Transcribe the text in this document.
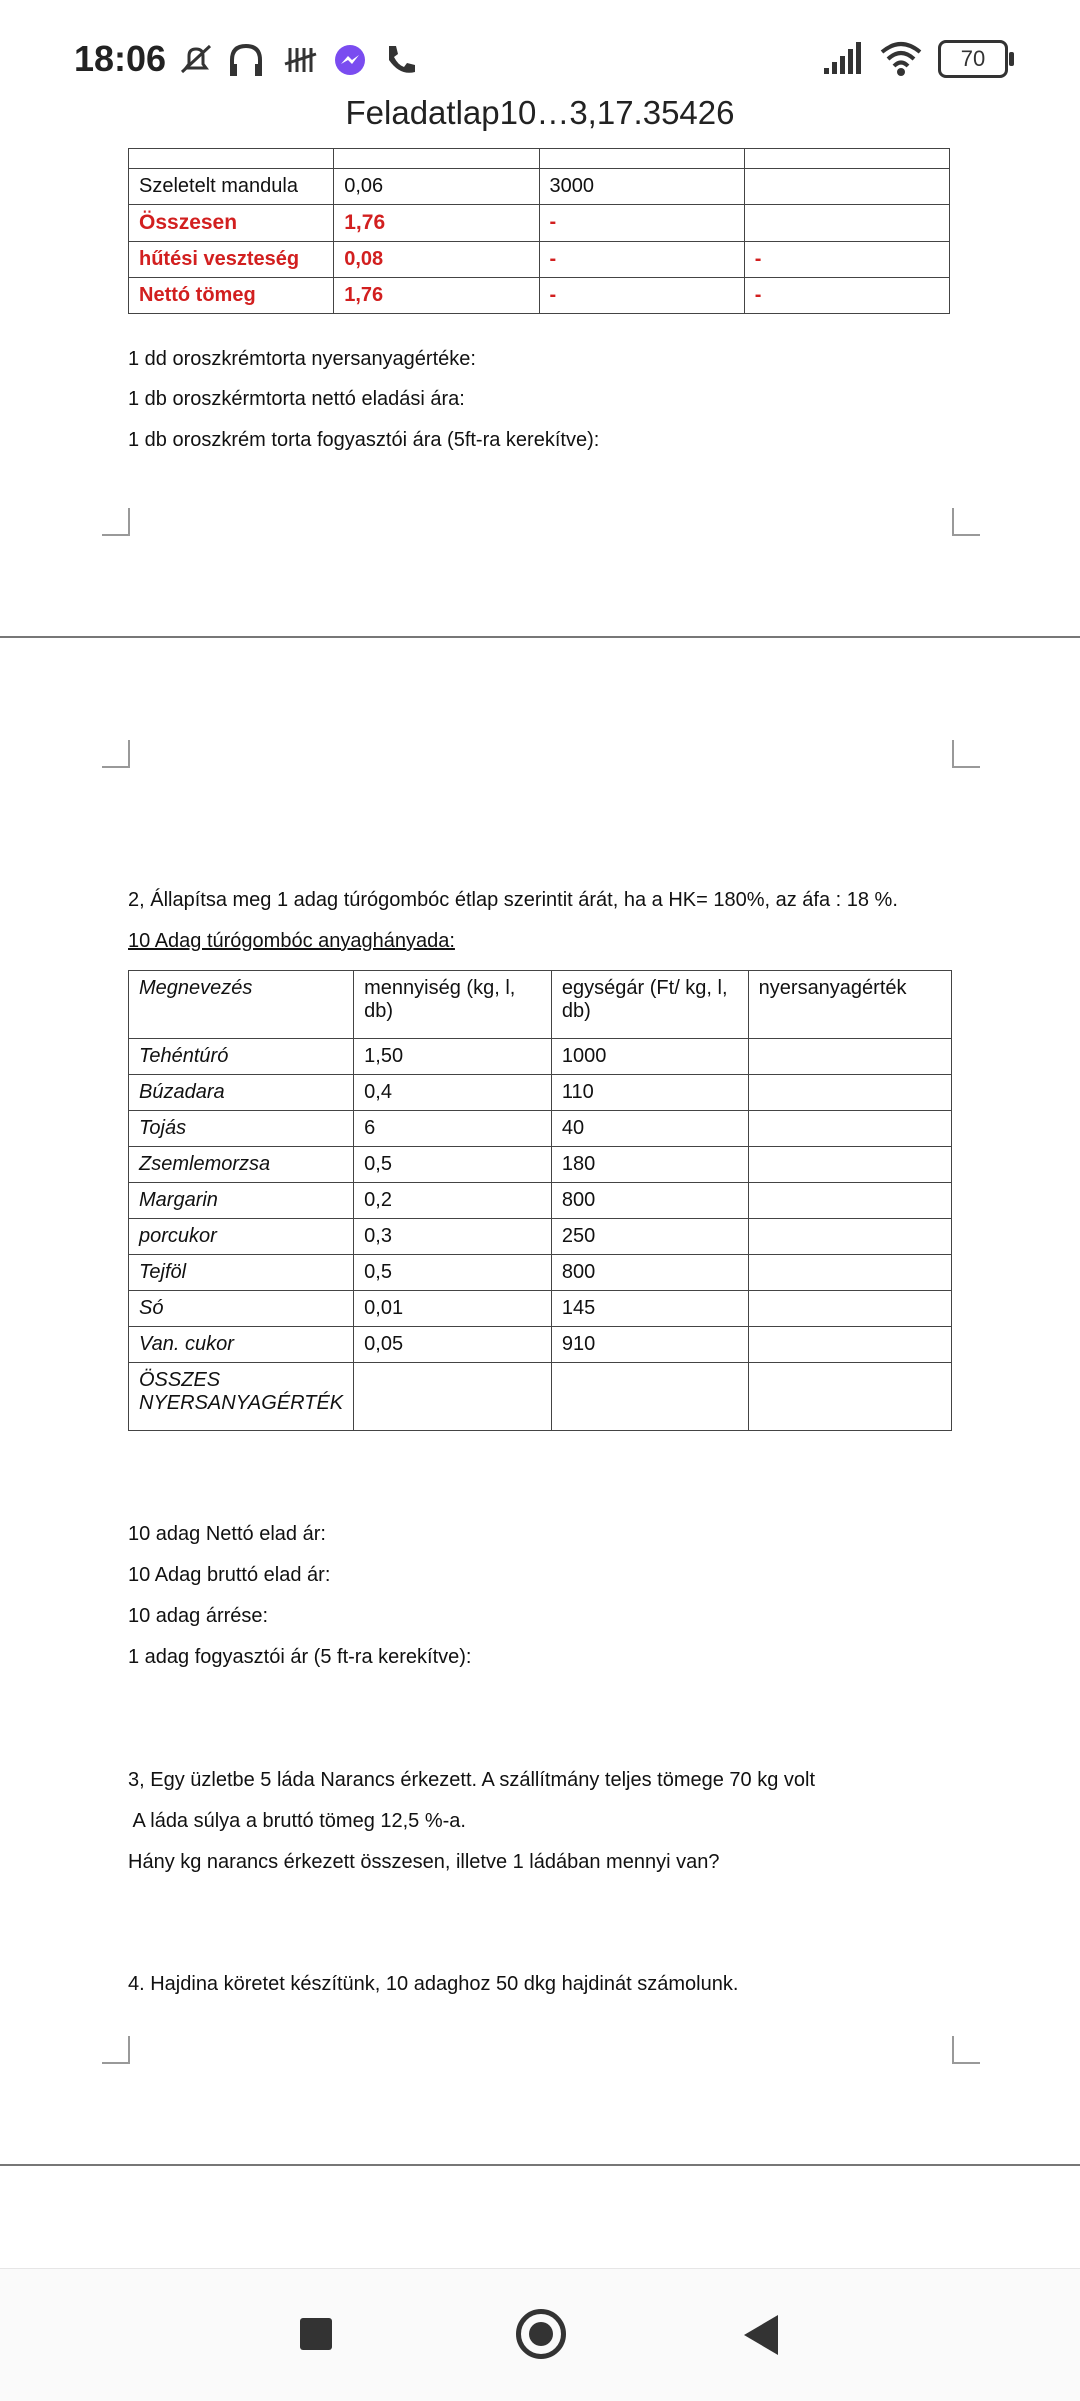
18:06	70
Feladatlap10…3,17.35426

Szeletelt mandula	0,06	3000	
Összesen	1,76	-	
hűtési veszteség	0,08	-	-
Nettó tömeg	1,76	-	-
1 dd oroszkrémtorta nyersanyagértéke:
1 db oroszkérmtorta nettó eladási ára:
1 db oroszkrém torta fogyasztói ára (5ft-ra kerekítve):
2, Állapítsa meg 1 adag túrógombóc étlap szerintit árát, ha a HK= 180%, az áfa : 18 %.
10 Adag túrógombóc anyaghányada:
Megnevezés	mennyiség (kg, l, db)	egységár (Ft/ kg, l, db)	nyersanyagérték
Tehéntúró	1,50	1000	
Búzadara	0,4	110	
Tojás	6	40	
Zsemlemorzsa	0,5	180	
Margarin	0,2	800	
porcukor	0,3	250	
Tejföl	0,5	800	
Só	0,01	145	
Van. cukor	0,05	910	
ÖSSZES NYERSANYAGÉRTÉK			
10 adag Nettó elad ár:
10 Adag bruttó elad ár:
10 adag árrése:
1 adag fogyasztói ár (5 ft-ra kerekítve):
3, Egy üzletbe 5 láda Narancs érkezett. A szállítmány teljes tömege 70 kg volt
A láda súlya a bruttó tömeg 12,5 %-a.
Hány kg narancs érkezett összesen, illetve 1 ládában mennyi van?
4. Hajdina köretet készítünk, 10 adaghoz 50 dkg hajdinát számolunk.
